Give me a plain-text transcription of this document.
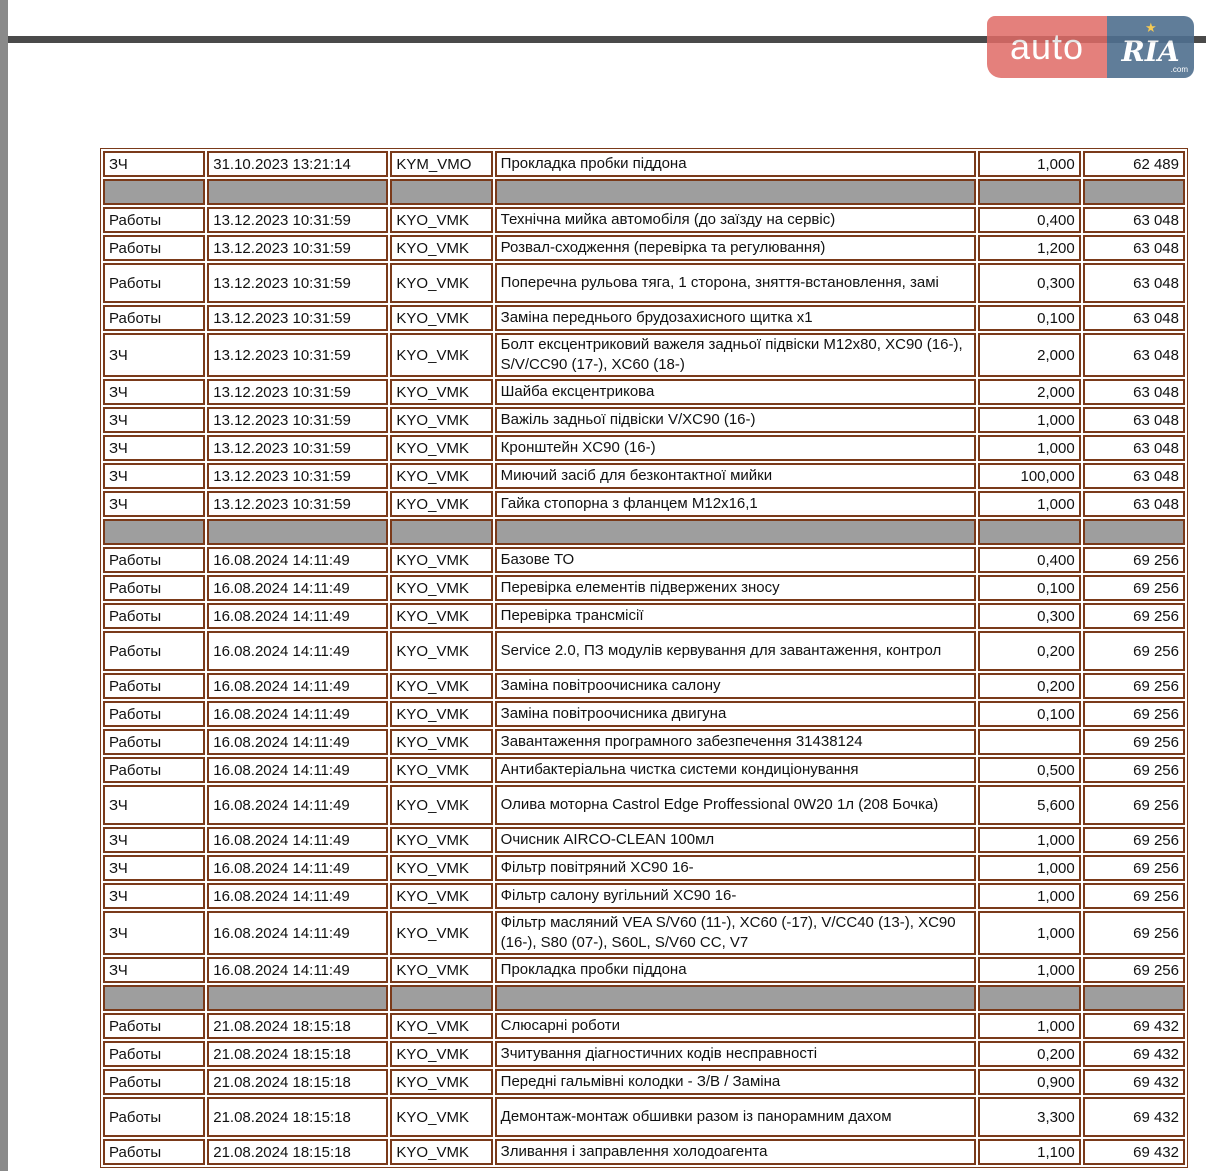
auto	★
RIA
.com
ЗЧ	31.10.2023 13:21:14	KYM_VMO	Прокладка пробки піддона	1,000	62 489

Работы	13.12.2023 10:31:59	KYO_VMK	Технічна мийка автомобіля (до заїзду на сервіс)	0,400	63 048
Работы	13.12.2023 10:31:59	KYO_VMK	Розвал-сходження (перевірка та регулювання)	1,200	63 048
Работы	13.12.2023 10:31:59	KYO_VMK	Поперечна рульова тяга, 1 сторона, зняття-встановлення, замі	0,300	63 048
Работы	13.12.2023 10:31:59	KYO_VMK	Заміна переднього брудозахисного щитка x1	0,100	63 048
ЗЧ	13.12.2023 10:31:59	KYO_VMK	Болт ексцентриковий важеля задньої підвіски M12x80, XC90 (16-), S/V/CC90 (17-), XC60 (18-)	2,000	63 048
ЗЧ	13.12.2023 10:31:59	KYO_VMK	Шайба ексцентрикова	2,000	63 048
ЗЧ	13.12.2023 10:31:59	KYO_VMK	Важіль задньої підвіски V/XC90 (16-)	1,000	63 048
ЗЧ	13.12.2023 10:31:59	KYO_VMK	Кронштейн XC90 (16-)	1,000	63 048
ЗЧ	13.12.2023 10:31:59	KYO_VMK	Миючий засіб для безконтактної мийки	100,000	63 048
ЗЧ	13.12.2023 10:31:59	KYO_VMK	Гайка стопорна з фланцем M12x16,1	1,000	63 048

Работы	16.08.2024 14:11:49	KYO_VMK	Базове ТО	0,400	69 256
Работы	16.08.2024 14:11:49	KYO_VMK	Перевірка елементів підвержених зносу	0,100	69 256
Работы	16.08.2024 14:11:49	KYO_VMK	Перевірка трансмісії	0,300	69 256
Работы	16.08.2024 14:11:49	KYO_VMK	Service 2.0, ПЗ модулів кервування для завантаження, контрол	0,200	69 256
Работы	16.08.2024 14:11:49	KYO_VMK	Заміна повітроочисника салону	0,200	69 256
Работы	16.08.2024 14:11:49	KYO_VMK	Заміна повітроочисника двигуна	0,100	69 256
Работы	16.08.2024 14:11:49	KYO_VMK	Завантаження програмного забезпечення 31438124		69 256
Работы	16.08.2024 14:11:49	KYO_VMK	Антибактеріальна чистка системи кондиціонування	0,500	69 256
ЗЧ	16.08.2024 14:11:49	KYO_VMK	Олива моторна Castrol Edge Proffessional 0W20 1л (208 Бочка)	5,600	69 256
ЗЧ	16.08.2024 14:11:49	KYO_VMK	Очисник AIRCO-CLEAN 100мл	1,000	69 256
ЗЧ	16.08.2024 14:11:49	KYO_VMK	Фільтр повітряний XC90 16-	1,000	69 256
ЗЧ	16.08.2024 14:11:49	KYO_VMK	Фільтр салону вугільний XC90 16-	1,000	69 256
ЗЧ	16.08.2024 14:11:49	KYO_VMK	Фільтр масляний VEA S/V60 (11-), XC60 (-17), V/CC40 (13-), XC90 (16-), S80 (07-), S60L, S/V60 CC, V7	1,000	69 256
ЗЧ	16.08.2024 14:11:49	KYO_VMK	Прокладка пробки піддона	1,000	69 256

Работы	21.08.2024 18:15:18	KYO_VMK	Слюсарні роботи	1,000	69 432
Работы	21.08.2024 18:15:18	KYO_VMK	Зчитування діагностичних кодів несправності	0,200	69 432
Работы	21.08.2024 18:15:18	KYO_VMK	Передні гальмівні колодки - З/В / Заміна	0,900	69 432
Работы	21.08.2024 18:15:18	KYO_VMK	Демонтаж-монтаж обшивки разом із панорамним дахом	3,300	69 432
Работы	21.08.2024 18:15:18	KYO_VMK	Зливання і заправлення холодоагента	1,100	69 432
